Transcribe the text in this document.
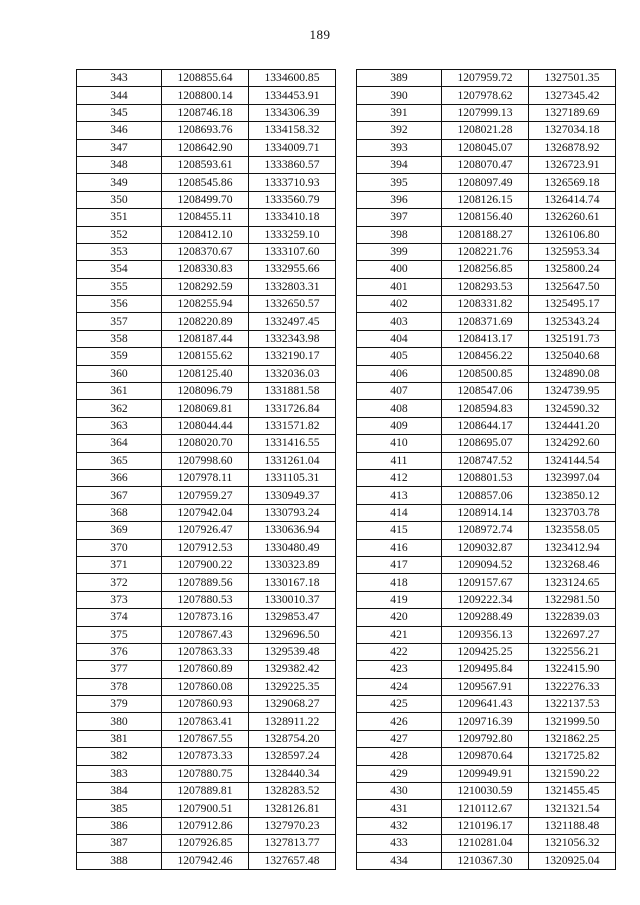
189
343	1208855.64	1334600.85
344	1208800.14	1334453.91
345	1208746.18	1334306.39
346	1208693.76	1334158.32
347	1208642.90	1334009.71
348	1208593.61	1333860.57
349	1208545.86	1333710.93
350	1208499.70	1333560.79
351	1208455.11	1333410.18
352	1208412.10	1333259.10
353	1208370.67	1333107.60
354	1208330.83	1332955.66
355	1208292.59	1332803.31
356	1208255.94	1332650.57
357	1208220.89	1332497.45
358	1208187.44	1332343.98
359	1208155.62	1332190.17
360	1208125.40	1332036.03
361	1208096.79	1331881.58
362	1208069.81	1331726.84
363	1208044.44	1331571.82
364	1208020.70	1331416.55
365	1207998.60	1331261.04
366	1207978.11	1331105.31
367	1207959.27	1330949.37
368	1207942.04	1330793.24
369	1207926.47	1330636.94
370	1207912.53	1330480.49
371	1207900.22	1330323.89
372	1207889.56	1330167.18
373	1207880.53	1330010.37
374	1207873.16	1329853.47
375	1207867.43	1329696.50
376	1207863.33	1329539.48
377	1207860.89	1329382.42
378	1207860.08	1329225.35
379	1207860.93	1329068.27
380	1207863.41	1328911.22
381	1207867.55	1328754.20
382	1207873.33	1328597.24
383	1207880.75	1328440.34
384	1207889.81	1328283.52
385	1207900.51	1328126.81
386	1207912.86	1327970.23
387	1207926.85	1327813.77
388	1207942.46	1327657.48
389	1207959.72	1327501.35
390	1207978.62	1327345.42
391	1207999.13	1327189.69
392	1208021.28	1327034.18
393	1208045.07	1326878.92
394	1208070.47	1326723.91
395	1208097.49	1326569.18
396	1208126.15	1326414.74
397	1208156.40	1326260.61
398	1208188.27	1326106.80
399	1208221.76	1325953.34
400	1208256.85	1325800.24
401	1208293.53	1325647.50
402	1208331.82	1325495.17
403	1208371.69	1325343.24
404	1208413.17	1325191.73
405	1208456.22	1325040.68
406	1208500.85	1324890.08
407	1208547.06	1324739.95
408	1208594.83	1324590.32
409	1208644.17	1324441.20
410	1208695.07	1324292.60
411	1208747.52	1324144.54
412	1208801.53	1323997.04
413	1208857.06	1323850.12
414	1208914.14	1323703.78
415	1208972.74	1323558.05
416	1209032.87	1323412.94
417	1209094.52	1323268.46
418	1209157.67	1323124.65
419	1209222.34	1322981.50
420	1209288.49	1322839.03
421	1209356.13	1322697.27
422	1209425.25	1322556.21
423	1209495.84	1322415.90
424	1209567.91	1322276.33
425	1209641.43	1322137.53
426	1209716.39	1321999.50
427	1209792.80	1321862.25
428	1209870.64	1321725.82
429	1209949.91	1321590.22
430	1210030.59	1321455.45
431	1210112.67	1321321.54
432	1210196.17	1321188.48
433	1210281.04	1321056.32
434	1210367.30	1320925.04
